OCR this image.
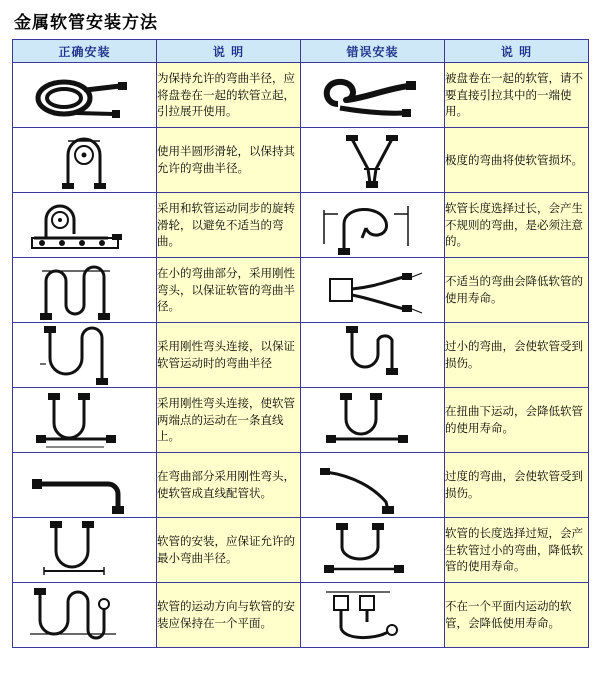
金属软管安装方法
正确安装	说 明	错误安装	说 明

	为保持允许的弯曲半径，应将盘卷在一起的软管立起，引拉展开使用。		被盘卷在一起的软管，请不要直接引拉其中的一端使用。

	使用半圆形滑轮，以保持其允许的弯曲半径。		极度的弯曲将使软管损坏。

	采用和软管运动同步的旋转滑轮，以避免不适当的弯曲。		软管长度选择过长，会产生不规则的弯曲，是必须注意的。

	在小的弯曲部分，采用刚性弯头，以保证软管的弯曲半径。		不适当的弯曲会降低软管的使用寿命。

	采用刚性弯头连接，以保证软管运动时的弯曲半径		过小的弯曲，会使软管受到损伤。

	采用刚性弯头连接，使软管两端点的运动在一条直线上。		在扭曲下运动，会降低软管的使用寿命。

	在弯曲部分采用刚性弯头，使软管成直线配管状。		过度的弯曲，会使软管受到损伤。

	软管的安装，应保证允许的最小弯曲半径。		软管的长度选择过短，会产生软管过小的弯曲，降低软管的使用寿命。

	软管的运动方向与软管的安装应保持在一个平面。		不在一个平面内运动的软管，会降低使用寿命。
